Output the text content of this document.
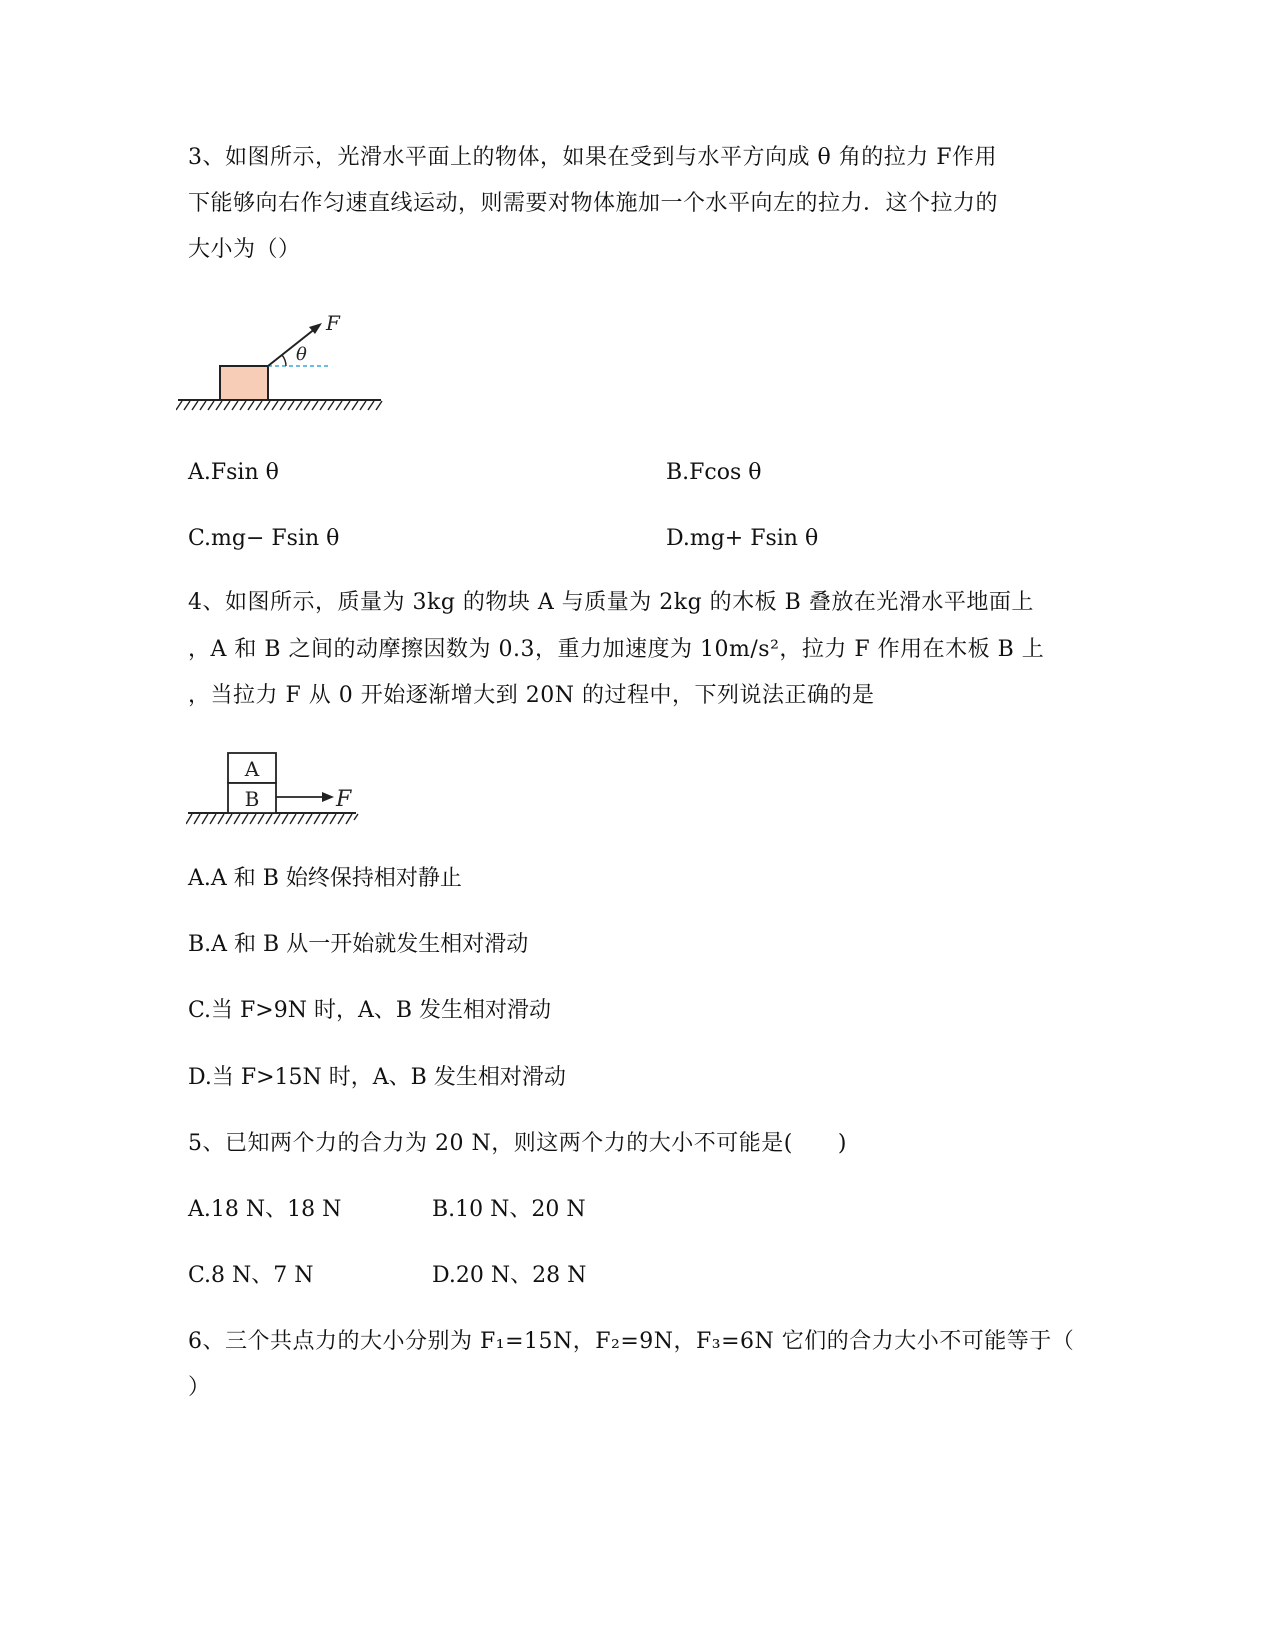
3、如图所示，光滑水平面上的物体，如果在受到与水平方向成 θ 角的拉力 F作用
下能够向右作匀速直线运动，则需要对物体施加一个水平向左的拉力．这个拉力的
大小为（）
θ
F
A.Fsin θ	B.Fcos θ
C.mg− Fsin θ	D.mg+ Fsin θ
4、如图所示，质量为 3kg 的物块 A 与质量为 2kg 的木板 B 叠放在光滑水平地面上
，A 和 B 之间的动摩擦因数为 0.3，重力加速度为 10m/s²，拉力 F 作用在木板 B 上
，当拉力 F 从 0 开始逐渐增大到 20N 的过程中，下列说法正确的是
A
B	F
A.A 和 B 始终保持相对静止
B.A 和 B 从一开始就发生相对滑动
C.当 F>9N 时，A、B 发生相对滑动
D.当 F>15N 时，A、B 发生相对滑动
5、已知两个力的合力为 20 N，则这两个力的大小不可能是(　　)
A.18 N、18 N	B.10 N、20 N
C.8 N、7 N	D.20 N、28 N
6、三个共点力的大小分别为 F₁=15N，F₂=9N，F₃=6N 它们的合力大小不可能等于（
）
